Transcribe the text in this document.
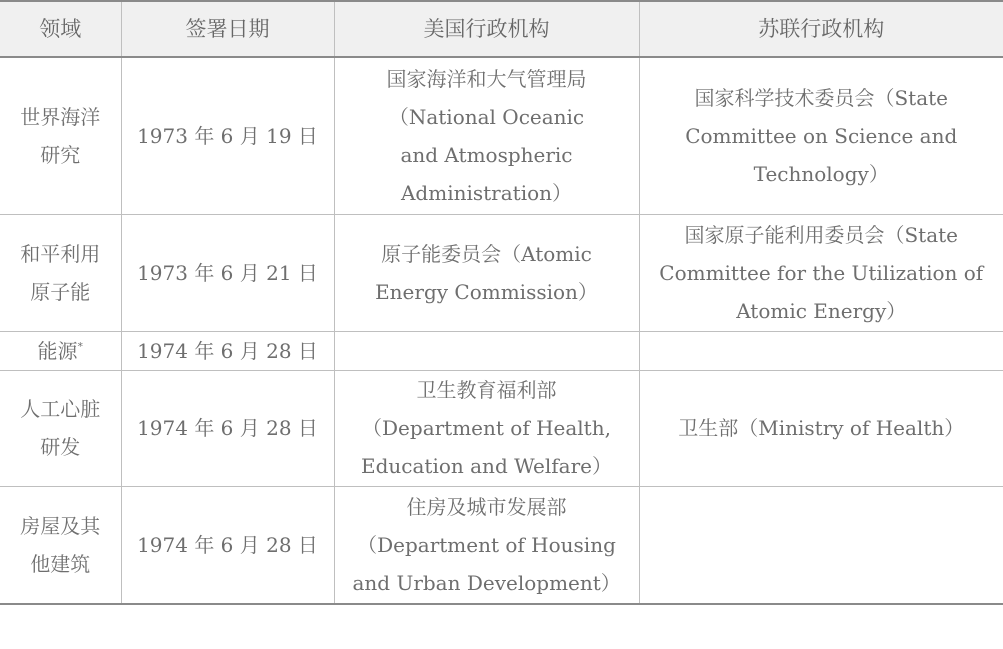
领域	签署日期	美国行政机构	苏联行政机构
世界海洋研究	1973 年 6 月 19 日	国家海洋和大气管理局（National Oceanic and Atmospheric Administration）	国家科学技术委员会（State Committee on Science and Technology）
和平利用原子能	1973 年 6 月 21 日	原子能委员会（Atomic Energy Commission）	国家原子能利用委员会（State Committee for the Utilization of Atomic Energy）
能源*	1974 年 6 月 28 日		
人工心脏研发	1974 年 6 月 28 日	卫生教育福利部（Department of Health, Education and Welfare）	卫生部（Ministry of Health）
房屋及其他建筑	1974 年 6 月 28 日	住房及城市发展部（Department of Housing and Urban Development）	
